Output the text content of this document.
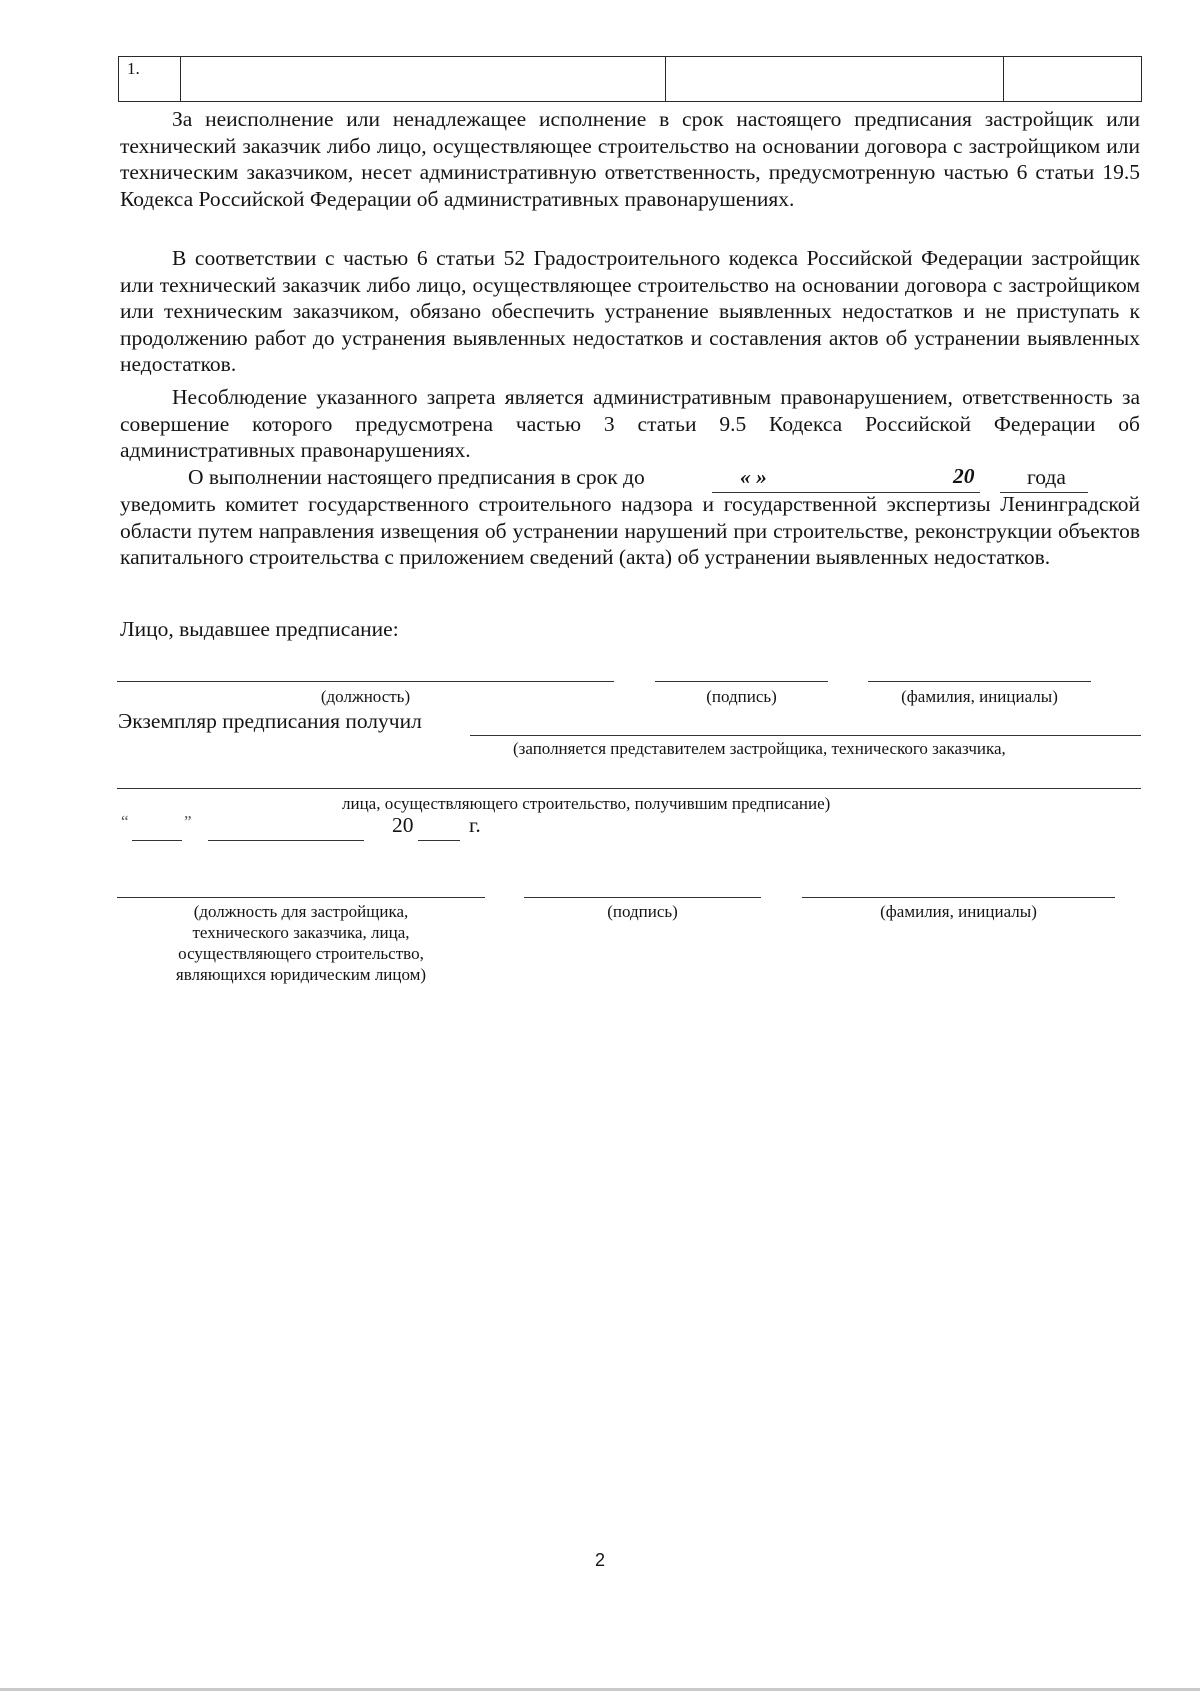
1.

За неисполнение или ненадлежащее исполнение в срок настоящего предписания застройщик или технический заказчик либо лицо, осуществляющее строительство на основании договора с застройщиком или техническим заказчиком, несет административную ответственность, предусмотренную частью 6 статьи 19.5 Кодекса Российской Федерации об административных правонарушениях.

В соответствии с частью 6 статьи 52 Градостроительного кодекса Российской Федерации застройщик или технический заказчик либо лицо, осуществляющее строительство на основании договора с застройщиком или техническим заказчиком, обязано обеспечить устранение выявленных недостатков и не приступать к продолжению работ до устранения выявленных недостатков и составления актов об устранении выявленных недостатков.

Несоблюдение указанного запрета является административным правонарушением, ответственность за совершение которого предусмотрена частью 3 статьи 9.5 Кодекса Российской Федерации об административных правонарушениях.

О выполнении настоящего предписания в срок до	« »	20 года

уведомить комитет государственного строительного надзора и государственной экспертизы Ленинградской области путем направления извещения об устранении нарушений при строительстве, реконструкции объектов капитального строительства с приложением сведений (акта) об устранении выявленных недостатков.

Лицо, выдавшее предписание:
(должность)	(подпись)	(фамилия, инициалы)
Экземпляр предписания получил
(заполняется представителем застройщика, технического заказчика,
лица, осуществляющего строительство, получившим предписание)
“	”	20	г.
(должность для застройщика,
технического заказчика, лица,
осуществляющего строительство,
являющихся юридическим лицом)
(подпись)	(фамилия, инициалы)
2
